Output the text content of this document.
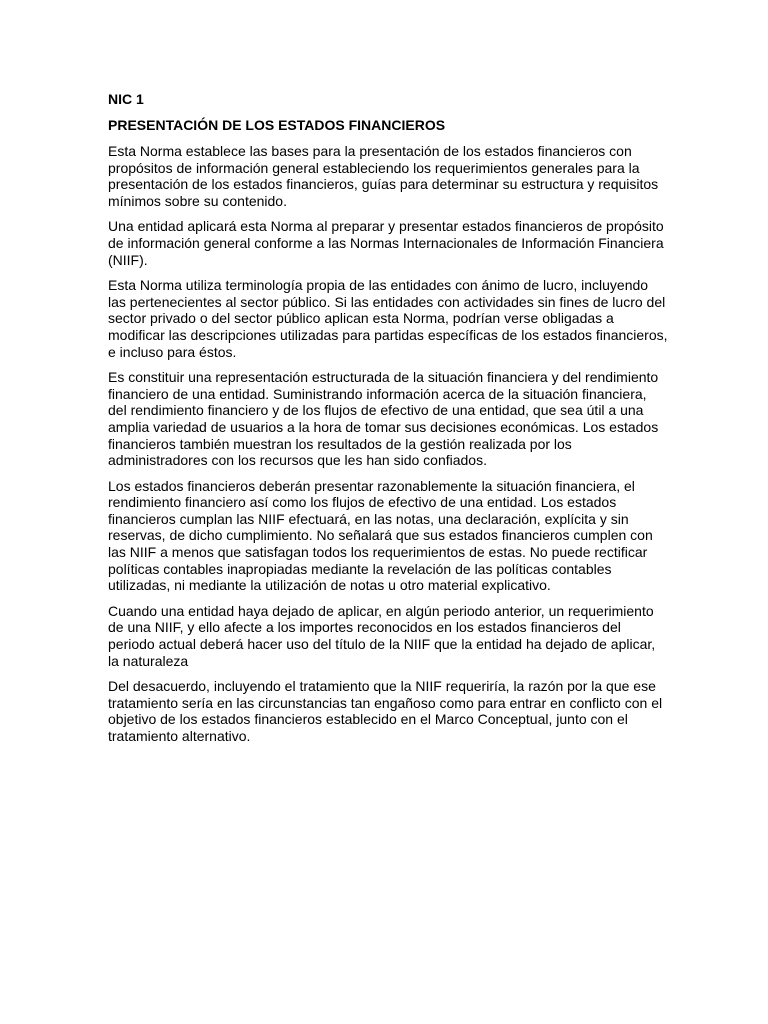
NIC 1
PRESENTACIÓN DE LOS ESTADOS FINANCIEROS

Esta Norma establece las bases para la presentación de los estados financieros con propósitos de información general estableciendo los requerimientos generales para la presentación de los estados financieros, guías para determinar su estructura y requisitos mínimos sobre su contenido.

Una entidad aplicará esta Norma al preparar y presentar estados financieros de propósito de información general conforme a las Normas Internacionales de Información Financiera (NIIF).

Esta Norma utiliza terminología propia de las entidades con ánimo de lucro, incluyendo las pertenecientes al sector público. Si las entidades con actividades sin fines de lucro del sector privado o del sector público aplican esta Norma, podrían verse obligadas a modificar las descripciones utilizadas para partidas específicas de los estados financieros, e incluso para éstos.

Es constituir una representación estructurada de la situación financiera y del rendimiento financiero de una entidad. Suministrando información acerca de la situación financiera, del rendimiento financiero y de los flujos de efectivo de una entidad, que sea útil a una amplia variedad de usuarios a la hora de tomar sus decisiones económicas. Los estados financieros también muestran los resultados de la gestión realizada por los administradores con los recursos que les han sido confiados.

Los estados financieros deberán presentar razonablemente la situación financiera, el rendimiento financiero así como los flujos de efectivo de una entidad. Los estados financieros cumplan las NIIF efectuará, en las notas, una declaración, explícita y sin reservas, de dicho cumplimiento. No señalará que sus estados financieros cumplen con las NIIF a menos que satisfagan todos los requerimientos de estas. No puede rectificar políticas contables inapropiadas mediante la revelación de las políticas contables utilizadas, ni mediante la utilización de notas u otro material explicativo.

Cuando una entidad haya dejado de aplicar, en algún periodo anterior, un requerimiento de una NIIF, y ello afecte a los importes reconocidos en los estados financieros del periodo actual deberá hacer uso del título de la NIIF que la entidad ha dejado de aplicar, la naturaleza

Del desacuerdo, incluyendo el tratamiento que la NIIF requeriría, la razón por la que ese tratamiento sería en las circunstancias tan engañoso como para entrar en conflicto con el objetivo de los estados financieros establecido en el Marco Conceptual, junto con el tratamiento alternativo.
